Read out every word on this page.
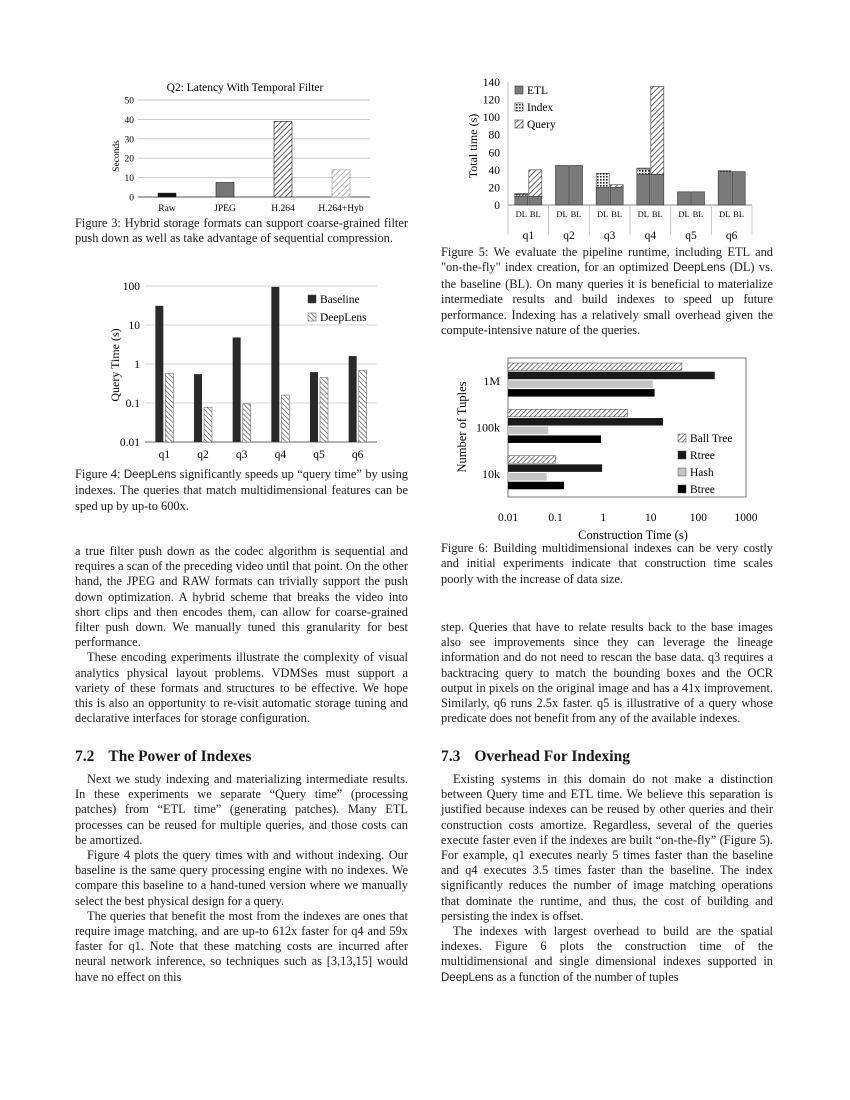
Q2: Latency With Temporal Filter
Seconds
0
10
20
30
40
50
Raw	JPEG	H.264 H.264+Hyb

Figure 3: Hybrid storage formats can support coarse-grained filter push down as well as take advantage of sequential compression.

Query Time (s)
0.01
0.1
1
10
100
q1 q2 q3 q4 q5 q6
Baseline
DeepLens

Figure 4: DeepLens significantly speeds up “query time” by using indexes. The queries that match multidimensional features can be sped up by up-to 600x.

Total time (s)
0
20
40
60
80
100
120
140
DL BL
q1
DL BL
q2
DL BL
q3
DL BL
q4
DL BL
q5
DL BL
q6
ETL
Index
Query

Figure 5: We evaluate the pipeline runtime, including ETL and "on-the-fly" index creation, for an optimized DeepLens (DL) vs. the baseline (BL). On many queries it is beneficial to materialize intermediate results and build indexes to speed up future performance. Indexing has a relatively small overhead given the compute-intensive nature of the queries.

Number of Tuples
Construction Time (s)
0.01	0.1	1	10	100 1000
1M
100k
10k
Ball Tree
Rtree
Hash
Btree

Figure 6: Building multidimensional indexes can be very costly and initial experiments indicate that construction time scales poorly with the increase of data size.

a true filter push down as the codec algorithm is sequential and requires a scan of the preceding video until that point. On the other hand, the JPEG and RAW formats can trivially support the push down optimization. A hybrid scheme that breaks the video into short clips and then encodes them, can allow for coarse-grained filter push down. We manually tuned this granularity for best performance.

These encoding experiments illustrate the complexity of visual analytics physical layout problems. VDMSes must support a variety of these formats and structures to be effective. We hope this is also an opportunity to re-visit automatic storage tuning and declarative interfaces for storage configuration.

7.2 The Power of Indexes

Next we study indexing and materializing intermediate results. In these experiments we separate “Query time” (processing patches) from “ETL time” (generating patches). Many ETL processes can be reused for multiple queries, and those costs can be amortized.

Figure 4 plots the query times with and without indexing. Our baseline is the same query processing engine with no indexes. We compare this baseline to a hand-tuned version where we manually select the best physical design for a query.

The queries that benefit the most from the indexes are ones that require image matching, and are up-to 612x faster for q4 and 59x faster for q1. Note that these matching costs are incurred after neural network inference, so techniques such as [3,13,15] would have no effect on this

step. Queries that have to relate results back to the base images also see improvements since they can leverage the lineage information and do not need to rescan the base data. q3 requires a backtracing query to match the bounding boxes and the OCR output in pixels on the original image and has a 41x improvement. Similarly, q6 runs 2.5x faster. q5 is illustrative of a query whose predicate does not benefit from any of the available indexes.

7.3 Overhead For Indexing

Existing systems in this domain do not make a distinction between Query time and ETL time. We believe this separation is justified because indexes can be reused by other queries and their construction costs amortize. Regardless, several of the queries execute faster even if the indexes are built “on-the-fly” (Figure 5). For example, q1 executes nearly 5 times faster than the baseline and q4 executes 3.5 times faster than the baseline. The index significantly reduces the number of image matching operations that dominate the runtime, and thus, the cost of building and persisting the index is offset.

The indexes with largest overhead to build are the spatial indexes. Figure 6 plots the construction time of the multidimensional and single dimensional indexes supported in DeepLens as a function of the number of tuples
